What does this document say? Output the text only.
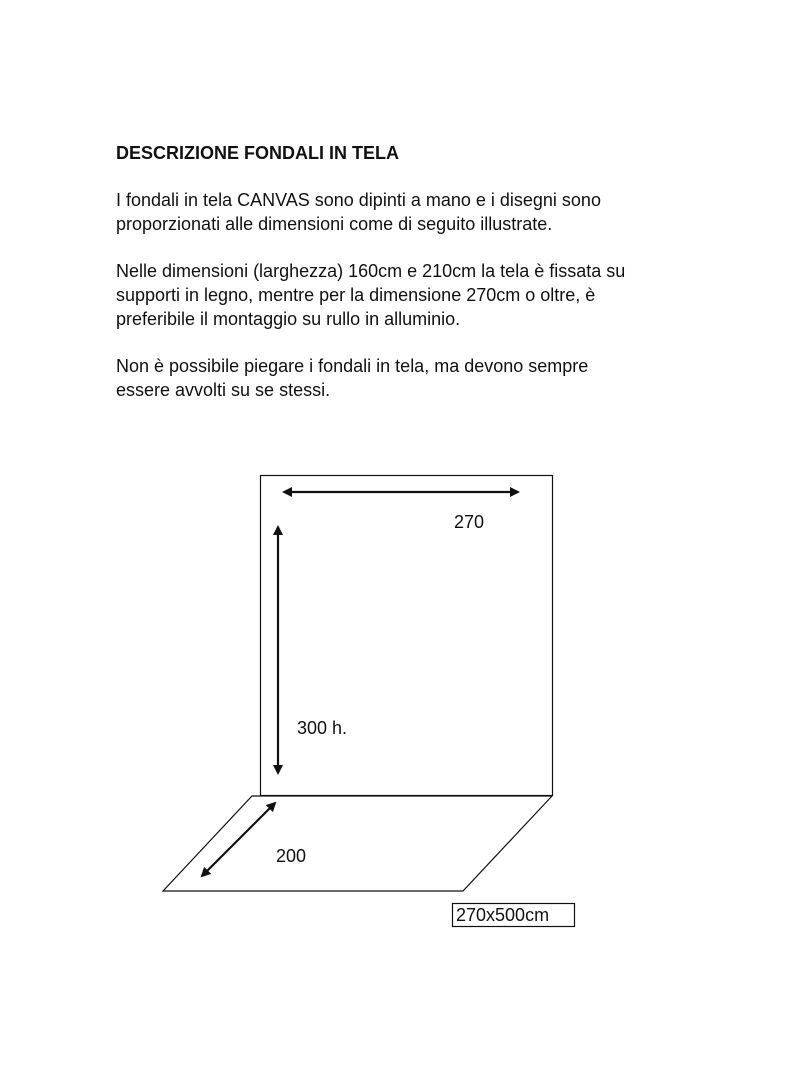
DESCRIZIONE FONDALI IN TELA
I fondali in tela CANVAS sono dipinti a mano e i disegni sono
proporzionati alle dimensioni come di seguito illustrate.
Nelle dimensioni (larghezza) 160cm e 210cm la tela è fissata su
supporti in legno, mentre per la dimensione 270cm o oltre, è
preferibile il montaggio su rullo in alluminio.
Non è possibile piegare i fondali in tela, ma devono sempre
essere avvolti su se stessi.
270
300 h.
200
270x500cm
